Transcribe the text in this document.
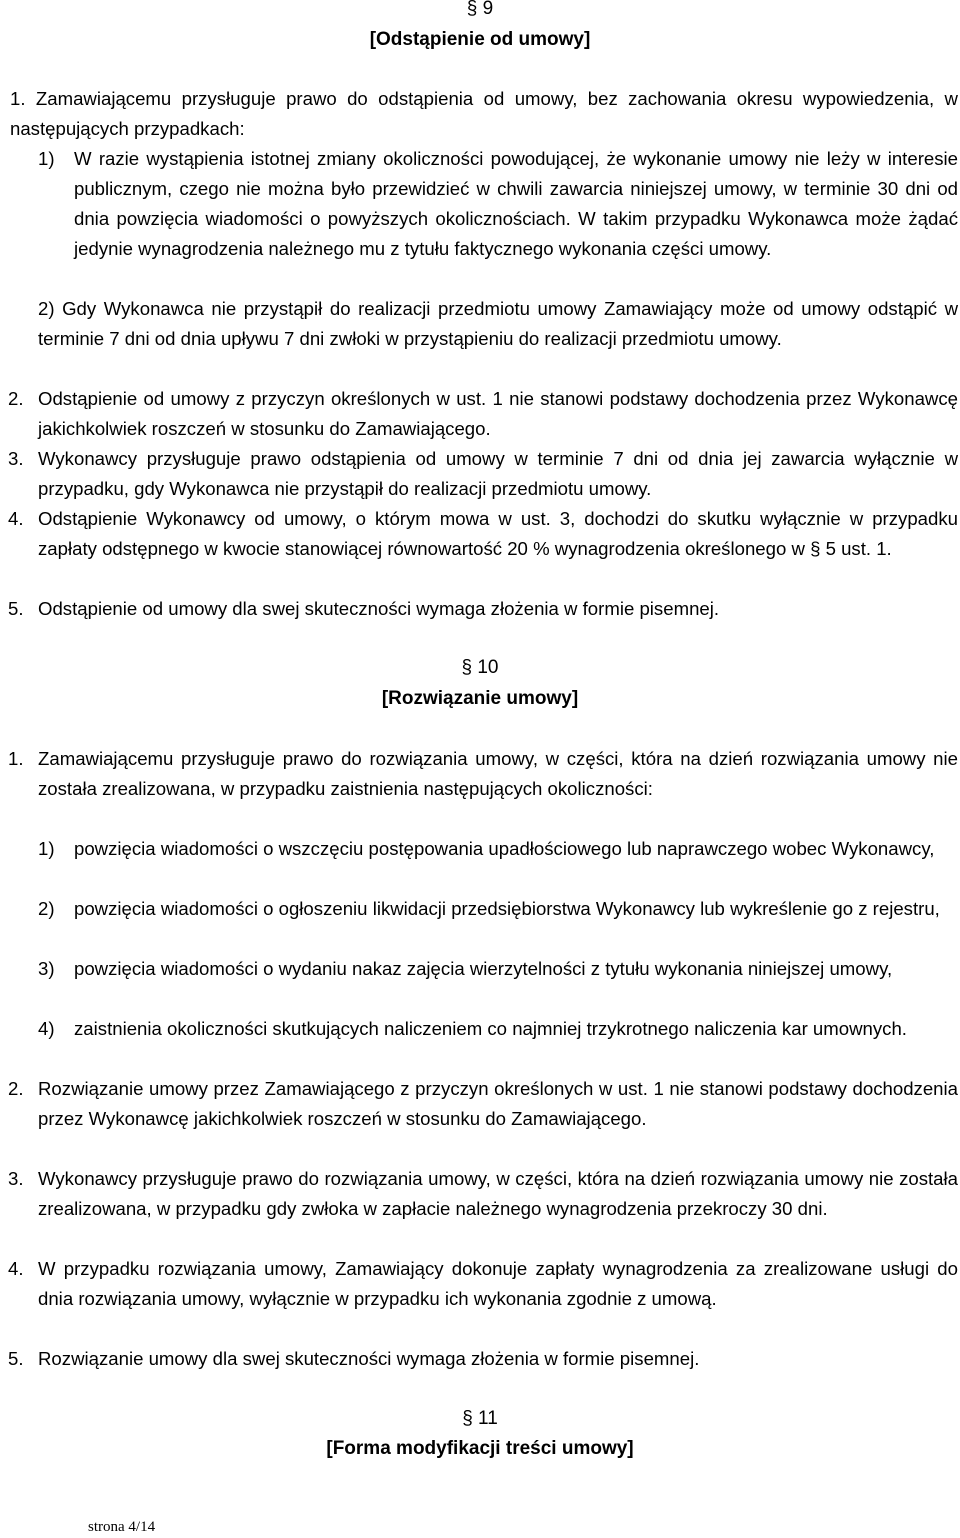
§ 9
[Odstąpienie od umowy]
1. Zamawiającemu przysługuje prawo do odstąpienia od umowy, bez zachowania okresu wypowiedzenia, w następujących przypadkach:
1) W razie wystąpienia istotnej zmiany okoliczności powodującej, że wykonanie umowy nie leży w interesie publicznym, czego nie można było przewidzieć w chwili zawarcia niniejszej umowy, w terminie 30 dni od dnia powzięcia wiadomości o powyższych okolicznościach. W takim przypadku Wykonawca może żądać jedynie wynagrodzenia należnego mu z tytułu faktycznego wykonania części umowy.
2) Gdy Wykonawca nie przystąpił do realizacji przedmiotu umowy Zamawiający może od umowy odstąpić w terminie 7 dni od dnia upływu 7 dni zwłoki w przystąpieniu do realizacji przedmiotu umowy.
2. Odstąpienie od umowy z przyczyn określonych w ust. 1 nie stanowi podstawy dochodzenia przez Wykonawcę jakichkolwiek roszczeń w stosunku do Zamawiającego.
3. Wykonawcy przysługuje prawo odstąpienia od umowy w terminie 7 dni od dnia jej zawarcia wyłącznie w przypadku, gdy Wykonawca nie przystąpił do realizacji przedmiotu umowy.
4. Odstąpienie Wykonawcy od umowy, o którym mowa w ust. 3, dochodzi do skutku wyłącznie w przypadku zapłaty odstępnego w kwocie stanowiącej równowartość 20 % wynagrodzenia określonego w § 5 ust. 1.
5. Odstąpienie od umowy dla swej skuteczności wymaga złożenia w formie pisemnej.
§ 10
[Rozwiązanie umowy]
1. Zamawiającemu przysługuje prawo do rozwiązania umowy, w części, która na dzień rozwiązania umowy nie została zrealizowana, w przypadku zaistnienia następujących okoliczności:
1) powzięcia wiadomości o wszczęciu postępowania upadłościowego lub naprawczego wobec Wykonawcy,
2) powzięcia wiadomości o ogłoszeniu likwidacji przedsiębiorstwa Wykonawcy lub wykreślenie go z rejestru,
3) powzięcia wiadomości o wydaniu nakaz zajęcia wierzytelności z tytułu wykonania niniejszej umowy,
4) zaistnienia okoliczności skutkujących naliczeniem co najmniej trzykrotnego naliczenia kar umownych.
2. Rozwiązanie umowy przez Zamawiającego z przyczyn określonych w ust. 1 nie stanowi podstawy dochodzenia przez Wykonawcę jakichkolwiek roszczeń w stosunku do Zamawiającego.
3. Wykonawcy przysługuje prawo do rozwiązania umowy, w części, która na dzień rozwiązania umowy nie została zrealizowana, w przypadku gdy zwłoka w zapłacie należnego wynagrodzenia przekroczy 30 dni.
4. W przypadku rozwiązania umowy, Zamawiający dokonuje zapłaty wynagrodzenia za zrealizowane usługi do dnia rozwiązania umowy, wyłącznie w przypadku ich wykonania zgodnie z umową.
5. Rozwiązanie umowy dla swej skuteczności wymaga złożenia w formie pisemnej.
§ 11
[Forma modyfikacji treści umowy]
strona 4/14
